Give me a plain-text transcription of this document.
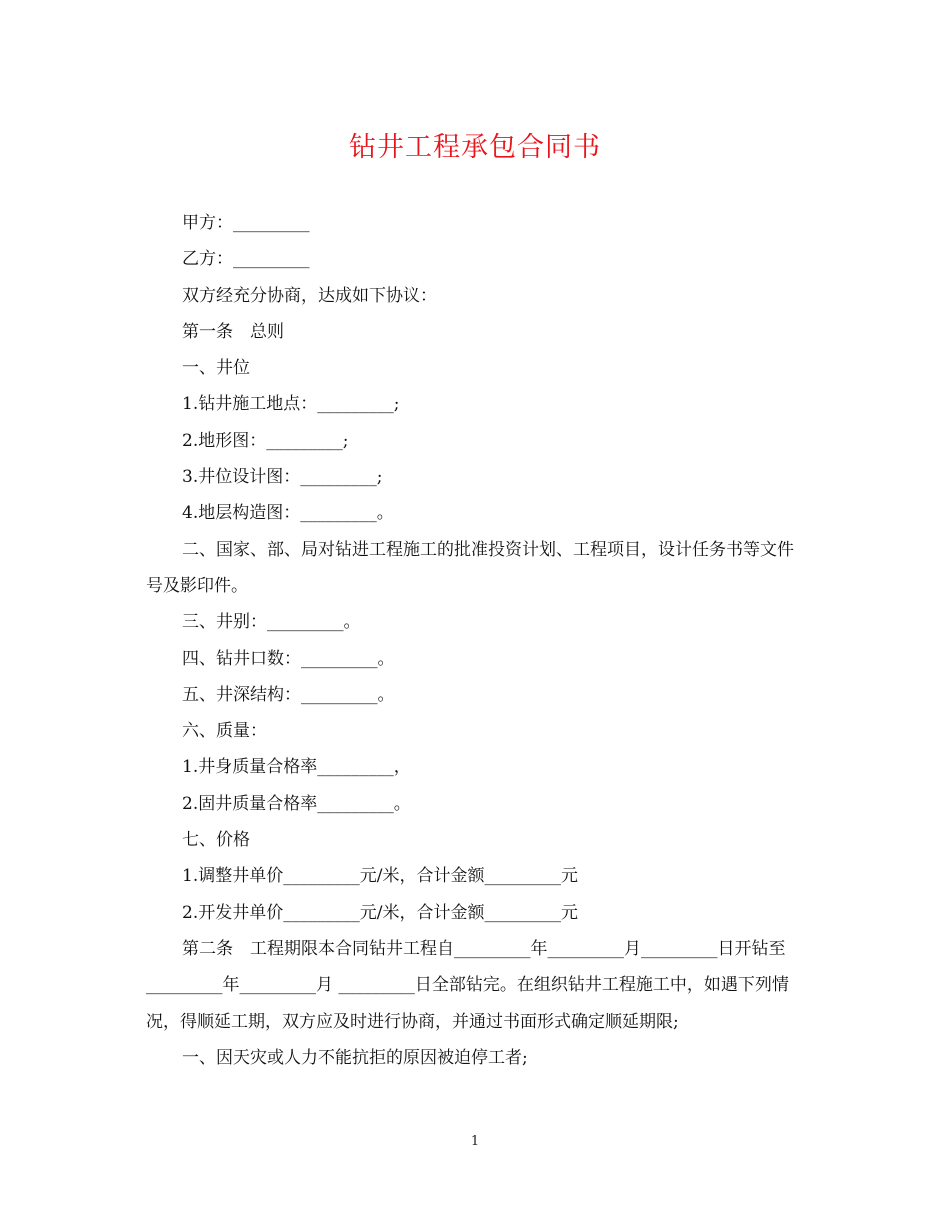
钻井工程承包合同书

甲方：_________

乙方：_________

双方经充分协商，达成如下协议：

第一条　总则

一、井位

1.钻井施工地点：_________;

2.地形图：_________;

3.井位设计图：_________;

4.地层构造图：_________。

二、国家、部、局对钻进工程施工的批准投资计划、工程项目，设计任务书等文件号及影印件。

三、井别：_________。

四、钻井口数：_________。

五、井深结构：_________。

六、质量：

1.井身质量合格率_________，

2.固井质量合格率_________。

七、价格

1.调整井单价_________元/米，合计金额_________元

2.开发井单价_________元/米，合计金额_________元

第二条　工程期限本合同钻井工程自_________年_________月_________日开钻至_________年_________月 _________日全部钻完。在组织钻井工程施工中，如遇下列情况，得顺延工期，双方应及时进行协商，并通过书面形式确定顺延期限;

一、因天灾或人力不能抗拒的原因被迫停工者;

1
